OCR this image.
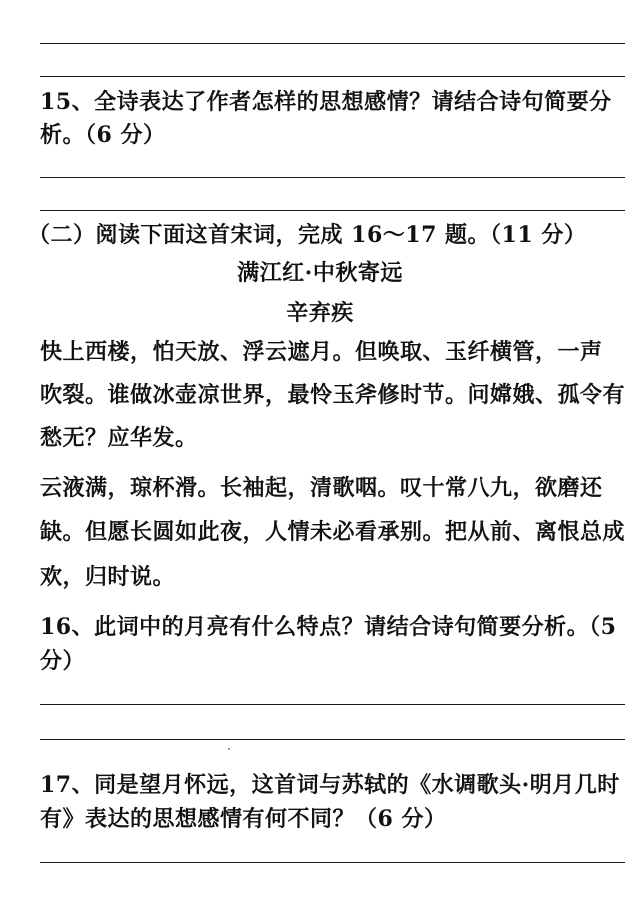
15、全诗表达了作者怎样的思想感情？请结合诗句简要分
析。（6 分）
（二）阅读下面这首宋词，完成 16～17 题。（11 分）
满江红·中秋寄远
辛弃疾
快上西楼，怕天放、浮云遮月。但唤取、玉纤横管，一声
吹裂。谁做冰壶凉世界，最怜玉斧修时节。问嫦娥、孤令有
愁无？应华发。
云液满，琼杯滑。长袖起，清歌咽。叹十常八九，欲磨还
缺。但愿长圆如此夜，人情未必看承别。把从前、离恨总成
欢，归时说。
16、此词中的月亮有什么特点？请结合诗句简要分析。（5
分）
17、同是望月怀远，这首词与苏轼的《水调歌头·明月几时
有》表达的思想感情有何不同？（6 分）
